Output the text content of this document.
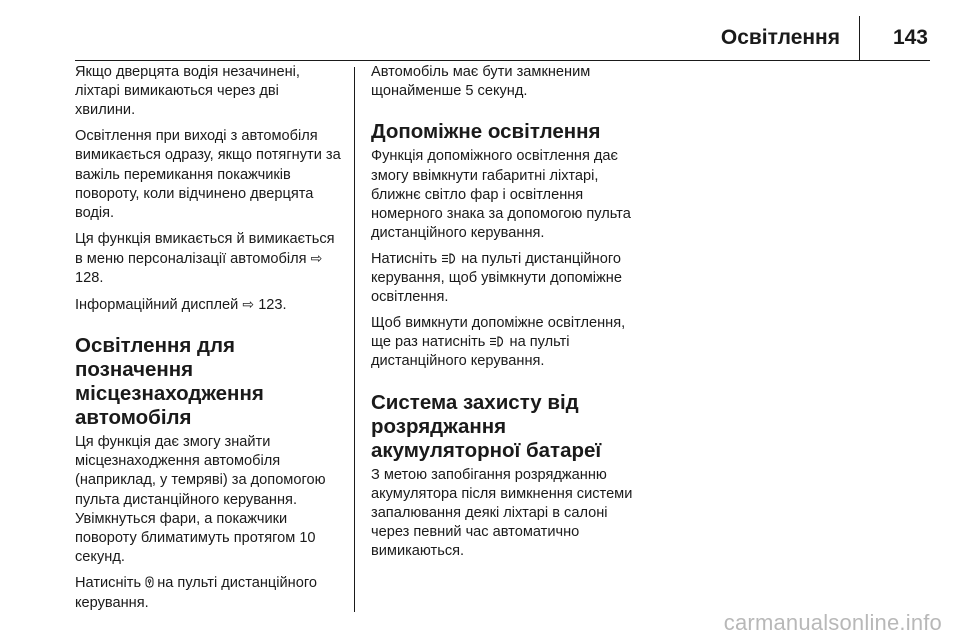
Освітлення	143

Якщо дверцята водія незачинені, ліхтарі вимикаються через дві хвилини.

Освітлення при виході з автомобіля вимикається одразу, якщо потягнути за важіль перемикання покажчиків повороту, коли відчинено дверцята водія.

Ця функція вмикається й вимикається в меню персоналізації автомобіля ⇨ 128.

Інформаційний дисплей ⇨ 123.

Освітлення для позначення місцезнаходження автомобіля

Ця функція дає змогу знайти місцезнаходження автомобіля (наприклад, у темряві) за допомогою пульта дистанційного керування. Увімкнуться фари, а покажчики повороту блиматимуть протягом 10 секунд.

Натисніть на пульті дистанційного керування.

Автомобіль має бути замкненим щонайменше 5 секунд.

Допоміжне освітлення

Функція допоміжного освітлення дає змогу ввімкнути габаритні ліхтарі, ближнє світло фар і освітлення номерного знака за допомогою пульта дистанційного керування.

Натисніть на пульті дистанційного керування, щоб увімкнути допоміжне освітлення.

Щоб вимкнути допоміжне освітлення, ще раз натисніть на пульті дистанційного керування.

Система захисту від розряджання акумуляторної батареї

З метою запобігання розряджанню акумулятора після вимкнення системи запалювання деякі ліхтарі в салоні через певний час автоматично вимикаються.

carmanualsonline.info
